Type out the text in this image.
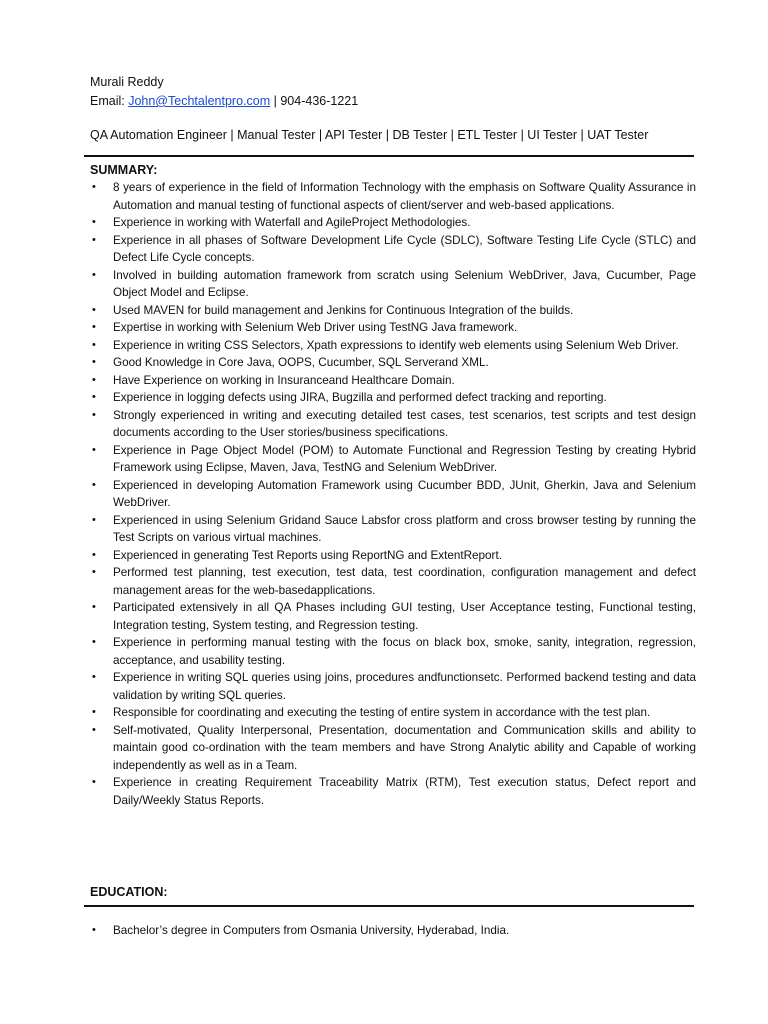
Murali Reddy
Email: John@Techtalentpro.com | 904-436-1221
QA Automation Engineer | Manual Tester | API Tester | DB Tester | ETL Tester | UI Tester | UAT Tester
SUMMARY:
• 8 years of experience in the field of Information Technology with the emphasis on Software Quality Assurance in Automation and manual testing of functional aspects of client/server and web-based applications.
• Experience in working with Waterfall and AgileProject Methodologies.
• Experience in all phases of Software Development Life Cycle (SDLC), Software Testing Life Cycle (STLC) and Defect Life Cycle concepts.
• Involved in building automation framework from scratch using Selenium WebDriver, Java, Cucumber, Page Object Model and Eclipse.
• Used MAVEN for build management and Jenkins for Continuous Integration of the builds.
• Expertise in working with Selenium Web Driver using TestNG Java framework.
• Experience in writing CSS Selectors, Xpath expressions to identify web elements using Selenium Web Driver.
• Good Knowledge in Core Java, OOPS, Cucumber, SQL Serverand XML.
• Have Experience on working in Insuranceand Healthcare Domain.
• Experience in logging defects using JIRA, Bugzilla and performed defect tracking and reporting.
• Strongly experienced in writing and executing detailed test cases, test scenarios, test scripts and test design documents according to the User stories/business specifications.
• Experience in Page Object Model (POM) to Automate Functional and Regression Testing by creating Hybrid Framework using Eclipse, Maven, Java, TestNG and Selenium WebDriver.
• Experienced in developing Automation Framework using Cucumber BDD, JUnit, Gherkin, Java and Selenium WebDriver.
• Experienced in using Selenium Gridand Sauce Labsfor cross platform and cross browser testing by running the Test Scripts on various virtual machines.
• Experienced in generating Test Reports using ReportNG and ExtentReport.
• Performed test planning, test execution, test data, test coordination, configuration management and defect management areas for the web-basedapplications.
• Participated extensively in all QA Phases including GUI testing, User Acceptance testing, Functional testing, Integration testing, System testing, and Regression testing.
• Experience in performing manual testing with the focus on black box, smoke, sanity, integration, regression, acceptance, and usability testing.
• Experience in writing SQL queries using joins, procedures andfunctionsetc. Performed backend testing and data validation by writing SQL queries.
• Responsible for coordinating and executing the testing of entire system in accordance with the test plan.
• Self-motivated, Quality Interpersonal, Presentation, documentation and Communication skills and ability to maintain good co-ordination with the team members and have Strong Analytic ability and Capable of working independently as well as in a Team.
• Experience in creating Requirement Traceability Matrix (RTM), Test execution status, Defect report and Daily/Weekly Status Reports.
EDUCATION:
• Bachelor’s degree in Computers from Osmania University, Hyderabad, India.
